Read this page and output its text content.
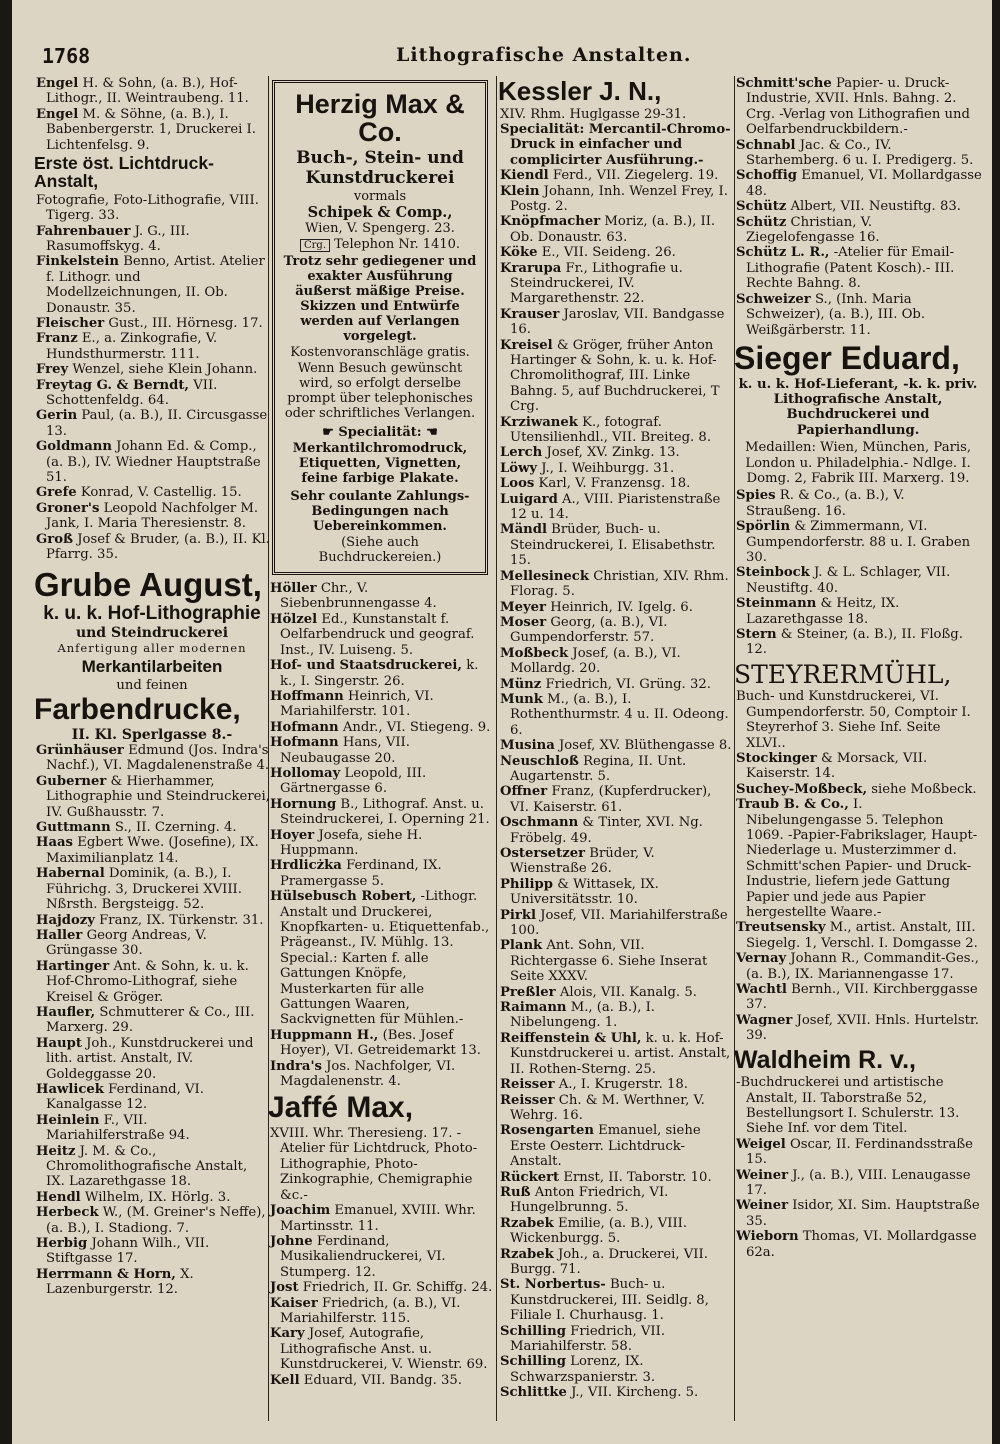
1768	Lithografische Anstalten.

Engel H. & Sohn, (a. B.), Hof-Lithogr., II. Weintraubeng. 11.

Engel M. & Söhne, (a. B.), I. Babenbergerstr. 1, Druckerei I. Lichtenfelsg. 9.

Erste öst. Lichtdruck-Anstalt,

Fotografie, Foto-Lithografie, VIII. Tigerg. 33.

Fahrenbauer J. G., III. Rasumoffskyg. 4.

Finkelstein Benno, Artist. Atelier f. Lithogr. und Modellzeichnungen, II. Ob. Donaustr. 35.

Fleischer Gust., III. Hörnesg. 17.

Franz E., a. Zinkografie, V. Hundsthurmerstr. 111.

Frey Wenzel, siehe Klein Johann.

Freytag G. & Berndt, VII. Schottenfeldg. 64.

Gerin Paul, (a. B.), II. Circusgasse 13.

Goldmann Johann Ed. & Comp., (a. B.), IV. Wiedner Hauptstraße 51.

Grefe Konrad, V. Castellig. 15.

Groner's Leopold Nachfolger M. Jank, I. Maria Theresienstr. 8.

Groß Josef & Bruder, (a. B.), II. Kl. Pfarrg. 35.

Grube August,
k. u. k. Hof-Lithographie
und Steindruckerei
Anfertigung aller modernen
Merkantilarbeiten
und feinen
Farbendrucke,
II. Kl. Sperlgasse 8.-

Grünhäuser Edmund (Jos. Indra's Nachf.), VI. Magdalenenstraße 4.

Guberner & Hierhammer, Lithographie und Steindruckerei, IV. Gußhausstr. 7.

Guttmann S., II. Czerning. 4.

Haas Egbert Wwe. (Josefine), IX. Maximilianplatz 14.

Habernal Dominik, (a. B.), I. Führichg. 3, Druckerei XVIII. Nßrsth. Bergsteigg. 52.

Hajdozy Franz, IX. Türkenstr. 31.

Haller Georg Andreas, V. Grüngasse 30.

Hartinger Ant. & Sohn, k. u. k. Hof-Chromo-Lithograf, siehe Kreisel & Gröger.

Haufler, Schmutterer & Co., III. Marxerg. 29.

Haupt Joh., Kunstdruckerei und lith. artist. Anstalt, IV. Goldeggasse 20.

Hawlicek Ferdinand, VI. Kanalgasse 12.

Heinlein F., VII. Mariahilferstraße 94.

Heitz J. M. & Co., Chromolithografische Anstalt, IX. Lazarethgasse 18.

Hendl Wilhelm, IX. Hörlg. 3.

Herbeck W., (M. Greiner's Neffe), (a. B.), I. Stadiong. 7.

Herbig Johann Wilh., VII. Stiftgasse 17.

Herrmann & Horn, X. Lazenburgerstr. 12.

Herzig Max & Co.
Buch-, Stein- und Kunstdruckerei

vormals

Schipek & Comp.,

Wien, V. Spengerg. 23.

Crg. Telephon Nr. 1410.

Trotz sehr gediegener und exakter Ausführung äußerst mäßige Preise. Skizzen und Entwürfe werden auf Verlangen vorgelegt.

Kostenvoranschläge gratis.

Wenn Besuch gewünscht wird, so erfolgt derselbe prompt über telephonisches oder schriftliches Verlangen.

☛ Specialität: ☚

Merkantilchromodruck, Etiquetten, Vignetten, feine farbige Plakate.

Sehr coulante Zahlungs-Bedingungen nach Uebereinkommen.

(Siehe auch Buchdruckereien.)

Höller Chr., V. Siebenbrunnengasse 4.

Hölzel Ed., Kunstanstalt f. Oelfarbendruck und geograf. Inst., IV. Luiseng. 5.

Hof- und Staatsdruckerei, k. k., I. Singerstr. 26.

Hoffmann Heinrich, VI. Mariahilferstr. 101.

Hofmann Andr., VI. Stiegeng. 9.

Hofmann Hans, VII. Neubaugasse 20.

Hollomay Leopold, III. Gärtnergasse 6.

Hornung B., Lithograf. Anst. u. Steindruckerei, I. Operning 21.

Hoyer Josefa, siehe H. Huppmann.

Hrdlicżka Ferdinand, IX. Pramergasse 5.

Hülsebusch Robert, -Lithogr. Anstalt und Druckerei, Knopfkarten- u. Etiquettenfab., Prägeanst., IV. Mühlg. 13. Special.: Karten f. alle Gattungen Knöpfe, Musterkarten für alle Gattungen Waaren, Sackvignetten für Mühlen.-

Huppmann H., (Bes. Josef Hoyer), VI. Getreidemarkt 13.

Indra's Jos. Nachfolger, VI. Magdalenenstr. 4.

Jaffé Max,

XVIII. Whr. Theresieng. 17. -Atelier für Lichtdruck, Photo-Lithographie, Photo-Zinkographie, Chemigraphie &c.-

Joachim Emanuel, XVIII. Whr. Martinsstr. 11.

Johne Ferdinand, Musikaliendruckerei, VI. Stumperg. 12.

Jost Friedrich, II. Gr. Schiffg. 24.

Kaiser Friedrich, (a. B.), VI. Mariahilferstr. 115.

Kary Josef, Autografie, Lithografische Anst. u. Kunstdruckerei, V. Wienstr. 69.

Kell Eduard, VII. Bandg. 35.

Kessler J. N.,

XIV. Rhm. Huglgasse 29-31.

Specialität: Mercantil-Chromo-Druck in einfacher und complicirter Ausführung.-

Kiendl Ferd., VII. Ziegelerg. 19.

Klein Johann, Inh. Wenzel Frey, I. Postg. 2.

Knöpfmacher Moriz, (a. B.), II. Ob. Donaustr. 63.

Köke E., VII. Seideng. 26.

Krarupa Fr., Lithografie u. Steindruckerei, IV. Margarethenstr. 22.

Krauser Jaroslav, VII. Bandgasse 16.

Kreisel & Gröger, früher Anton Hartinger & Sohn, k. u. k. Hof-Chromolithograf, III. Linke Bahng. 5, auf Buchdruckerei, T Crg.

Krziwanek K., fotograf. Utensilienhdl., VII. Breiteg. 8.

Lerch Josef, XV. Zinkg. 13.

Löwy J., I. Weihburgg. 31.

Loos Karl, V. Franzensg. 18.

Luigard A., VIII. Piaristenstraße 12 u. 14.

Mändl Brüder, Buch- u. Steindruckerei, I. Elisabethstr. 15.

Mellesineck Christian, XIV. Rhm. Florag. 5.

Meyer Heinrich, IV. Igelg. 6.

Moser Georg, (a. B.), VI. Gumpendorferstr. 57.

Moßbeck Josef, (a. B.), VI. Mollardg. 20.

Münz Friedrich, VI. Grüng. 32.

Munk M., (a. B.), I. Rothenthurmstr. 4 u. II. Odeong. 6.

Musina Josef, XV. Blüthengasse 8.

Neuschloß Regina, II. Unt. Augartenstr. 5.

Offner Franz, (Kupferdrucker), VI. Kaiserstr. 61.

Oschmann & Tinter, XVI. Ng. Fröbelg. 49.

Ostersetzer Brüder, V. Wienstraße 26.

Philipp & Wittasek, IX. Universitätsstr. 10.

Pirkl Josef, VII. Mariahilferstraße 100.

Plank Ant. Sohn, VII. Richtergasse 6. Siehe Inserat Seite XXXV.

Preßler Alois, VII. Kanalg. 5.

Raimann M., (a. B.), I. Nibelungeng. 1.

Reiffenstein & Uhl, k. u. k. Hof-Kunstdruckerei u. artist. Anstalt, II. Rothen-Sterng. 25.

Reisser A., I. Krugerstr. 18.

Reisser Ch. & M. Werthner, V. Wehrg. 16.

Rosengarten Emanuel, siehe Erste Oesterr. Lichtdruck-Anstalt.

Rückert Ernst, II. Taborstr. 10.

Ruß Anton Friedrich, VI. Hungelbrunng. 5.

Rzabek Emilie, (a. B.), VIII. Wickenburgg. 5.

Rzabek Joh., a. Druckerei, VII. Burgg. 71.

St. Norbertus- Buch- u. Kunstdruckerei, III. Seidlg. 8, Filiale I. Churhausg. 1.

Schilling Friedrich, VII. Mariahilferstr. 58.

Schilling Lorenz, IX. Schwarzspanierstr. 3.

Schlittke J., VII. Kircheng. 5.

Schmitt'sche Papier- u. Druck-Industrie, XVII. Hnls. Bahng. 2. Crg. -Verlag von Lithografien und Oelfarbendruckbildern.-

Schnabl Jac. & Co., IV. Starhemberg. 6 u. I. Predigerg. 5.

Schoffig Emanuel, VI. Mollardgasse 48.

Schütz Albert, VII. Neustiftg. 83.

Schütz Christian, V. Ziegelofengasse 16.

Schütz L. R., -Atelier für Email-Lithografie (Patent Kosch).- III. Rechte Bahng. 8.

Schweizer S., (Inh. Maria Schweizer), (a. B.), III. Ob. Weißgärberstr. 11.

Sieger Eduard,

k. u. k. Hof-Lieferant, -k. k. priv. Lithografische Anstalt, Buchdruckerei und Papierhandlung.

Medaillen: Wien, München, Paris, London u. Philadelphia.- Ndlge. I. Domg. 2, Fabrik III. Marxerg. 19.

Spies R. & Co., (a. B.), V. Straußeng. 16.

Spörlin & Zimmermann, VI. Gumpendorferstr. 88 u. I. Graben 30.

Steinbock J. & L. Schlager, VII. Neustiftg. 40.

Steinmann & Heitz, IX. Lazarethgasse 18.

Stern & Steiner, (a. B.), II. Floßg. 12.

STEYRERMÜHL,

Buch- und Kunstdruckerei, VI. Gumpendorferstr. 50, Comptoir I. Steyrerhof 3. Siehe Inf. Seite XLVI..

Stockinger & Morsack, VII. Kaiserstr. 14.

Suchey-Moßbeck, siehe Moßbeck.

Traub B. & Co., I. Nibelungengasse 5. Telephon 1069. -Papier-Fabrikslager, Haupt-Niederlage u. Musterzimmer d. Schmitt'schen Papier- und Druck-Industrie, liefern jede Gattung Papier und jede aus Papier hergestellte Waare.-

Treutsensky M., artist. Anstalt, III. Siegelg. 1, Verschl. I. Domgasse 2.

Vernay Johann R., Commandit-Ges., (a. B.), IX. Mariannengasse 17.

Wachtl Bernh., VII. Kirchberggasse 37.

Wagner Josef, XVII. Hnls. Hurtelstr. 39.

Waldheim R. v.,

-Buchdruckerei und artistische Anstalt, II. Taborstraße 52, Bestellungsort I. Schulerstr. 13. Siehe Inf. vor dem Titel.

Weigel Oscar, II. Ferdinandsstraße 15.

Weiner J., (a. B.), VIII. Lenaugasse 17.

Weiner Isidor, XI. Sim. Hauptstraße 35.

Wieborn Thomas, VI. Mollardgasse 62a.
